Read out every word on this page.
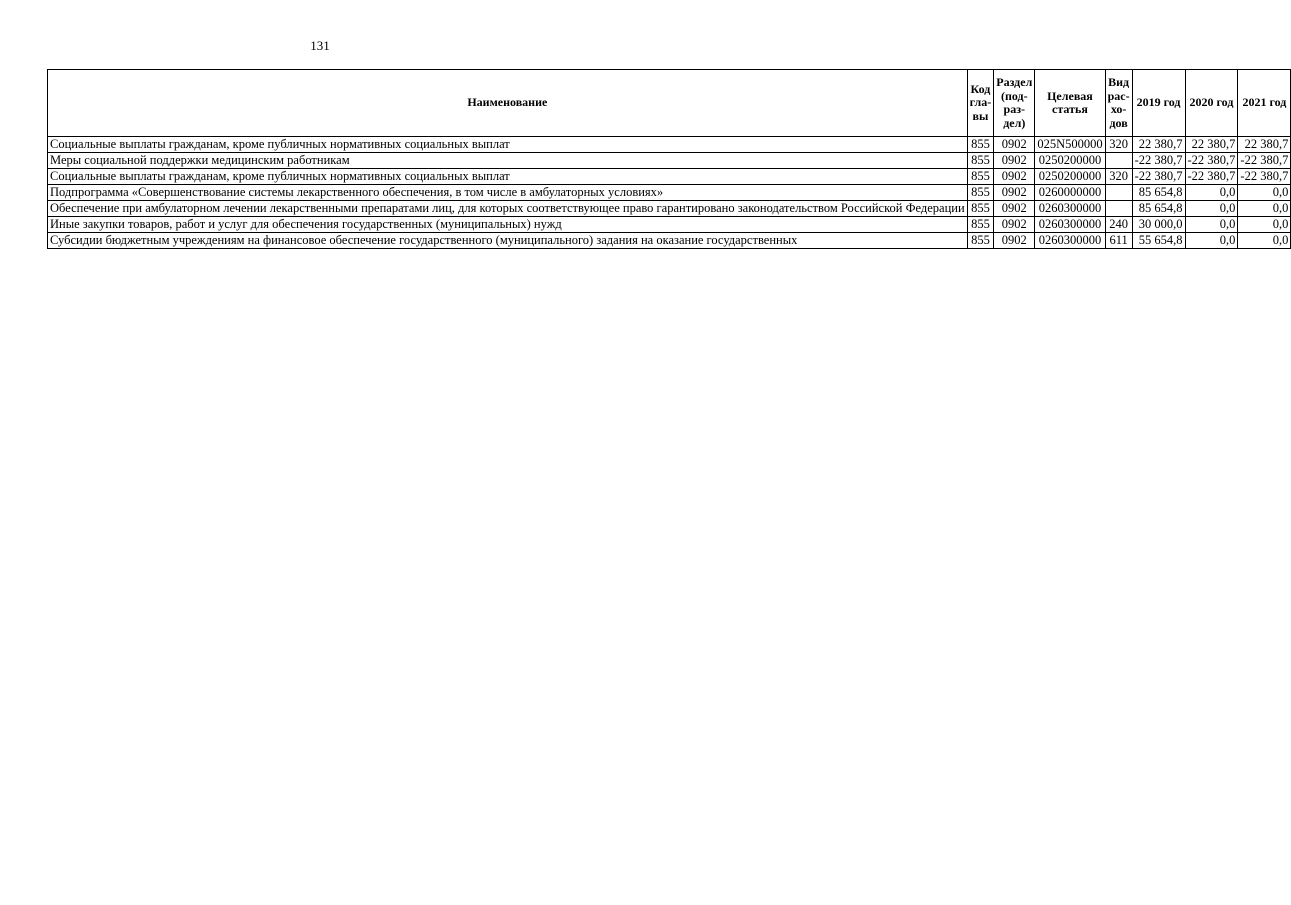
131
Наименование	Код гла-вы	Раздел (под-раз-дел)	Целевая статья	Вид рас-хо-дов	2019 год	2020 год	2021 год
Социальные выплаты гражданам, кроме публичных нормативных социальных выплат	855	0902	025N500000	320	22 380,7	22 380,7	22 380,7
Меры социальной поддержки медицинским работникам	855	0902	0250200000		-22 380,7	-22 380,7	-22 380,7
Социальные выплаты гражданам, кроме публичных нормативных социальных выплат	855	0902	0250200000	320	-22 380,7	-22 380,7	-22 380,7
Подпрограмма «Совершенствование системы лекарственного обеспечения, в том числе в амбулаторных условиях»	855	0902	0260000000		85 654,8	0,0	0,0
Обеспечение при амбулаторном лечении лекарственными препаратами лиц, для которых соответствующее право гарантировано законодательством Российской Федерации	855	0902	0260300000		85 654,8	0,0	0,0
Иные закупки товаров, работ и услуг для обеспечения государственных (муниципальных) нужд	855	0902	0260300000	240	30 000,0	0,0	0,0
Субсидии бюджетным учреждениям на финансовое обеспечение государственного (муниципального) задания на оказание государственных	855	0902	0260300000	611	55 654,8	0,0	0,0
